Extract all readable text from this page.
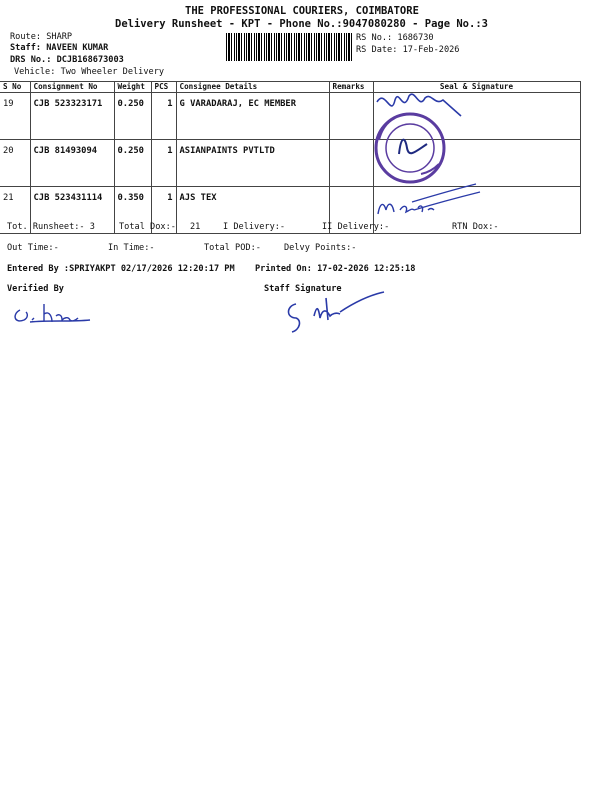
THE PROFESSIONAL COURIERS, COIMBATORE
Delivery Runsheet - KPT - Phone No.:9047080280 - Page No.:3
Route: SHARP
Staff: NAVEEN KUMAR
DRS No.: DCJB168673003
Vehicle: Two Wheeler Delivery
RS No.: 1686730
RS Date: 17-Feb-2026
S No	Consignment No	Weight	PCS	Consignee Details	Remarks	Seal & Signature
19	CJB 523323171	0.250	1	G VARADARAJ, EC MEMBER		
20	CJB 81493094	0.250	1	ASIANPAINTS PVTLTD		
21	CJB 523431114	0.350	1	AJS TEX		
Tot. Runsheet:- 3	Total Dox:- 21	I Delivery:-	II Delivery:-	RTN Dox:-
Out Time:-	In Time:-	Total POD:-	Delvy Points:-
Entered By :SPRIYAKPT 02/17/2026 12:20:17 PM Printed On: 17-02-2026 12:25:18
Verified By	Staff Signature
